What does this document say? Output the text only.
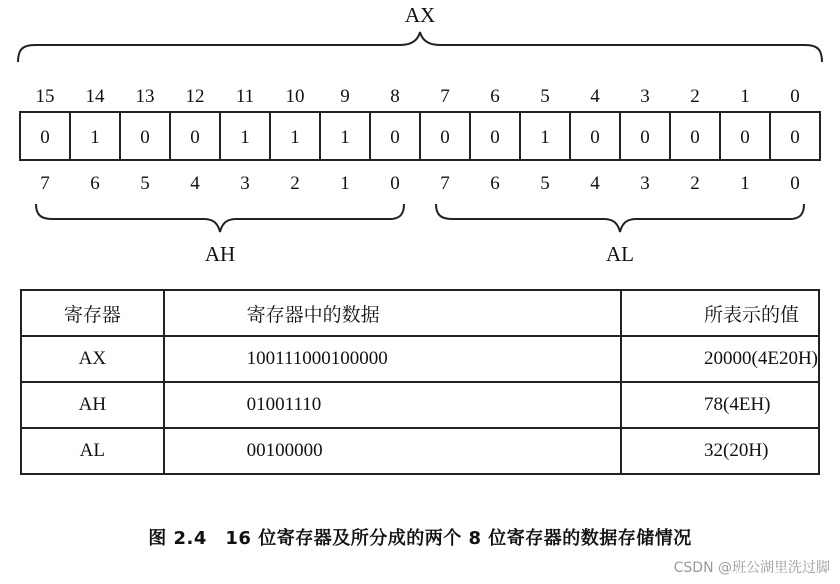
AX
15 14 13 12 11 10 9 8 7 6 5 4 3 2 1 0
0 1 0 0 1 1 1 0 0 0 1 0 0 0 0 0
7 6 5 4 3 2 1 0 7 6 5 4 3 2 1 0
AH	AL
寄存器	寄存器中的数据	所表示的值
AX	100111000100000	20000(4E20H)
AH	01001110	78(4EH)
AL	00100000	32(20H)
图 2.4　16 位寄存器及所分成的两个 8 位寄存器的数据存储情况
CSDN @班公湖里洗过脚
